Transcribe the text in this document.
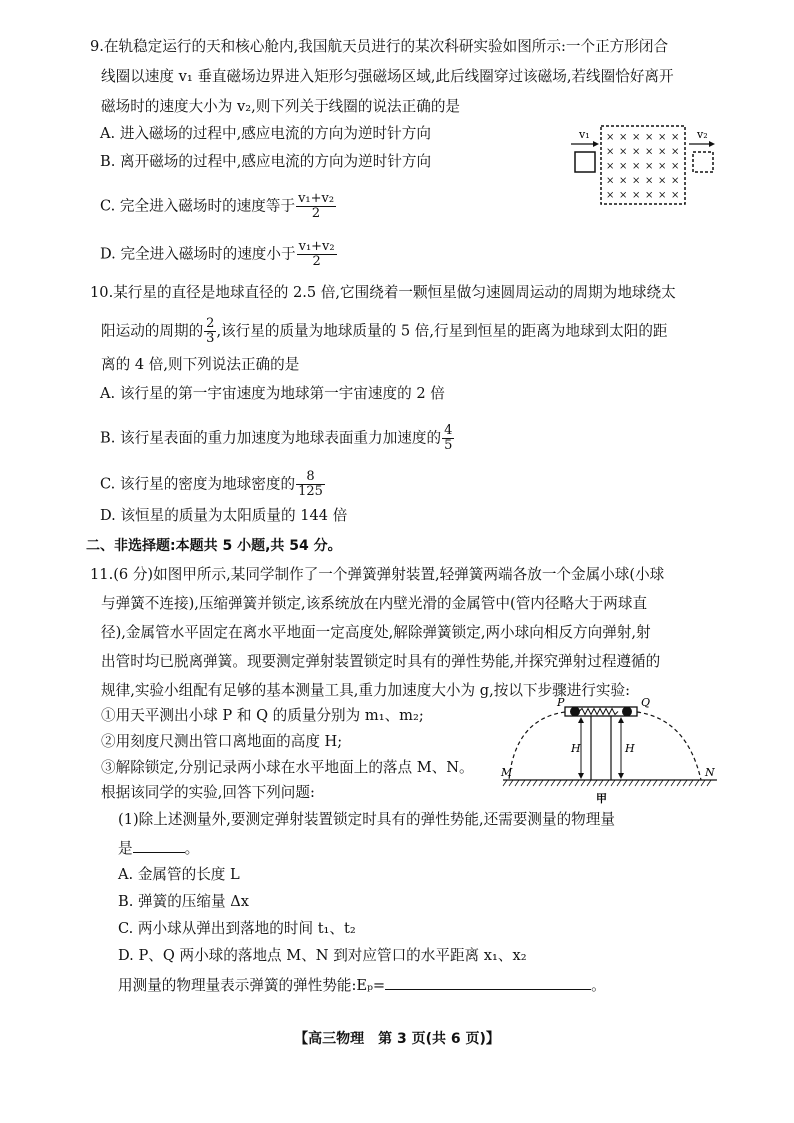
9.在轨稳定运行的天和核心舱内,我国航天员进行的某次科研实验如图所示:一个正方形闭合
线圈以速度 v₁ 垂直磁场边界进入矩形匀强磁场区域,此后线圈穿过该磁场,若线圈恰好离开
磁场时的速度大小为 v₂,则下列关于线圈的说法正确的是
A. 进入磁场的过程中,感应电流的方向为逆时针方向
B. 离开磁场的过程中,感应电流的方向为逆时针方向
C. 完全进入磁场时的速度等于 $\frac{\text{v₁+v₂}}{2}$
D. 完全进入磁场时的速度小于 $\frac{\text{v₁+v₂}}{2}$
v₁ × × × × × ×
× × × × × ×
× × × × × ×
× × × × × ×
× × × × × ×
v₂
10.某行星的直径是地球直径的 2.5 倍,它围绕着一颗恒星做匀速圆周运动的周期为地球绕太
阳运动的周期的 $\frac{2}{3}$ ,该行星的质量为地球质量的 5 倍,行星到恒星的距离为地球到太阳的距
离的 4 倍,则下列说法正确的是
A. 该行星的第一宇宙速度为地球第一宇宙速度的 2 倍
B. 该行星表面的重力加速度为地球表面重力加速度的 $\frac{4}{5}$
C. 该行星的密度为地球密度的 $\frac{8}{125}$
D. 该恒星的质量为太阳质量的 144 倍
二、非选择题:本题共 5 小题,共 54 分。
11.(6 分)如图甲所示,某同学制作了一个弹簧弹射装置,轻弹簧两端各放一个金属小球(小球
与弹簧不连接),压缩弹簧并锁定,该系统放在内壁光滑的金属管中(管内径略大于两球直
径),金属管水平固定在离水平地面一定高度处,解除弹簧锁定,两小球向相反方向弹射,射
出管时均已脱离弹簧。现要测定弹射装置锁定时具有的弹性势能,并探究弹射过程遵循的
规律,实验小组配有足够的基本测量工具,重力加速度大小为 g,按以下步骤进行实验:
①用天平测出小球 P 和 Q 的质量分别为 m₁、m₂;
②用刻度尺测出管口离地面的高度 H;
③解除锁定,分别记录两小球在水平地面上的落点 M、N。
根据该同学的实验,回答下列问题:
(1)除上述测量外,要测定弹射装置锁定时具有的弹性势能,还需要测量的物理量
是	。
A. 金属管的长度 L
B. 弹簧的压缩量 Δx
C. 两小球从弹出到落地的时间 t₁、t₂
D. P、Q 两小球的落地点 M、N 到对应管口的水平距离 x₁、x₂
用测量的物理量表示弹簧的弹性势能:Eₚ=	。
P	Q
H	H
M	N
甲
【高三物理　第 3 页(共 6 页)】
